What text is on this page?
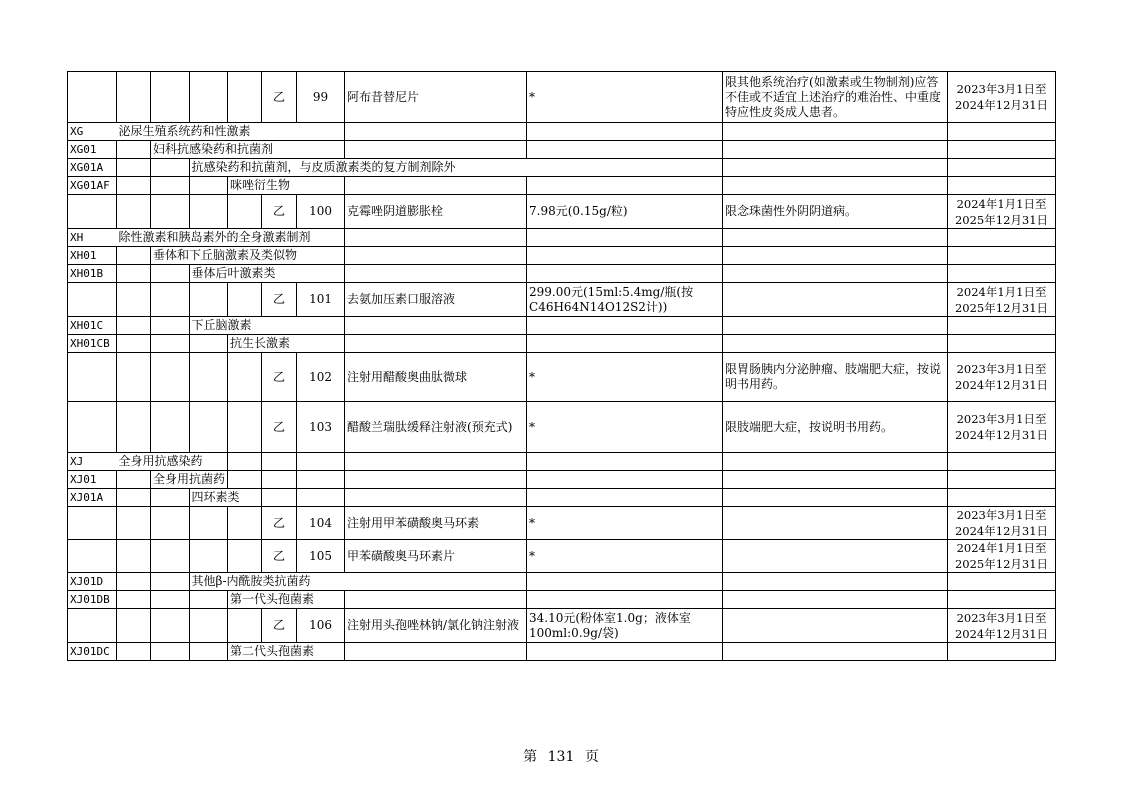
					乙	99	阿布昔替尼片	*	限其他系统治疗(如激素或生物制剂)应答不佳或不适宜上述治疗的难治性、中重度特应性皮炎成人患者。	2023年3月1日至2024年12月31日
XG	泌尿生殖系统药和性激素									
XG01		妇科抗感染药和抗菌剂								
XG01A			抗感染药和抗菌剂，与皮质激素类的复方制剂除外							
XG01AF				咪唑衍生物						
					乙	100	克霉唑阴道膨胀栓	7.98元(0.15g/粒)	限念珠菌性外阴阴道病。	2024年1月1日至2025年12月31日
XH	除性激素和胰岛素外的全身激素制剂									
XH01		垂体和下丘脑激素及类似物								
XH01B			垂体后叶激素类							
					乙	101	去氨加压素口服溶液	299.00元(15ml:5.4mg/瓶(按C46H64N14O12S2计))		2024年1月1日至2025年12月31日
XH01C			下丘脑激素							
XH01CB				抗生长激素						
					乙	102	注射用醋酸奥曲肽微球	*	限胃肠胰内分泌肿瘤、肢端肥大症，按说明书用药。	2023年3月1日至2024年12月31日
					乙	103	醋酸兰瑞肽缓释注射液(预充式)	*	限肢端肥大症，按说明书用药。	2023年3月1日至2024年12月31日
XJ	全身用抗感染药									
XJ01		全身用抗菌药								
XJ01A			四环素类							
					乙	104	注射用甲苯磺酸奥马环素	*		2023年3月1日至2024年12月31日
					乙	105	甲苯磺酸奥马环素片	*		2024年1月1日至2025年12月31日
XJ01D			其他β-内酰胺类抗菌药							
XJ01DB				第一代头孢菌素						
					乙	106	注射用头孢唑林钠/氯化钠注射液	34.10元(粉体室1.0g；液体室100ml:0.9g/袋)		2023年3月1日至2024年12月31日
XJ01DC				第二代头孢菌素						
第 131 页
